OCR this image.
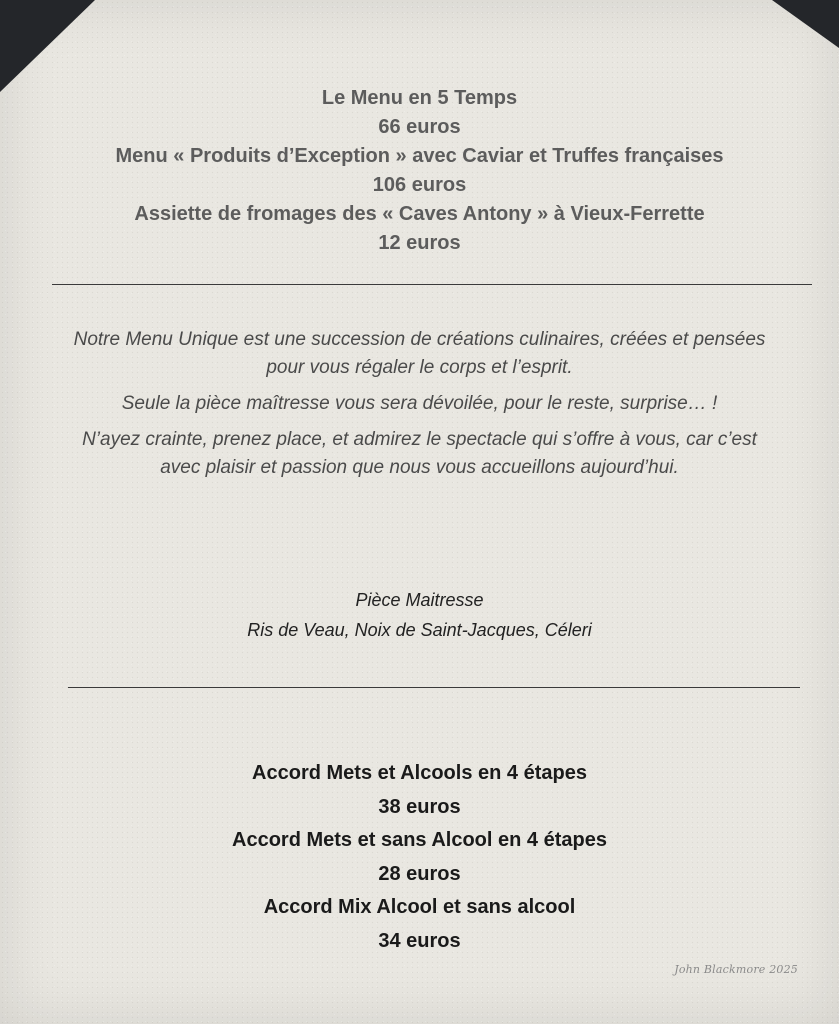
Le Menu en 5 Temps
66 euros
Menu « Produits d’Exception » avec Caviar et Truffes françaises
106 euros
Assiette de fromages des « Caves Antony » à Vieux-Ferrette
12 euros

Notre Menu Unique est une succession de créations culinaires, créées et pensées
pour vous régaler le corps et l’esprit.

Seule la pièce maîtresse vous sera dévoilée, pour le reste, surprise… !

N’ayez crainte, prenez place, et admirez le spectacle qui s’offre à vous, car c’est
avec plaisir et passion que nous vous accueillons aujourd’hui.

Pièce Maitresse
Ris de Veau, Noix de Saint-Jacques, Céleri
Accord Mets et Alcools en 4 étapes
38 euros
Accord Mets et sans Alcool en 4 étapes
28 euros
Accord Mix Alcool et sans alcool
34 euros
John Blackmore 2025
